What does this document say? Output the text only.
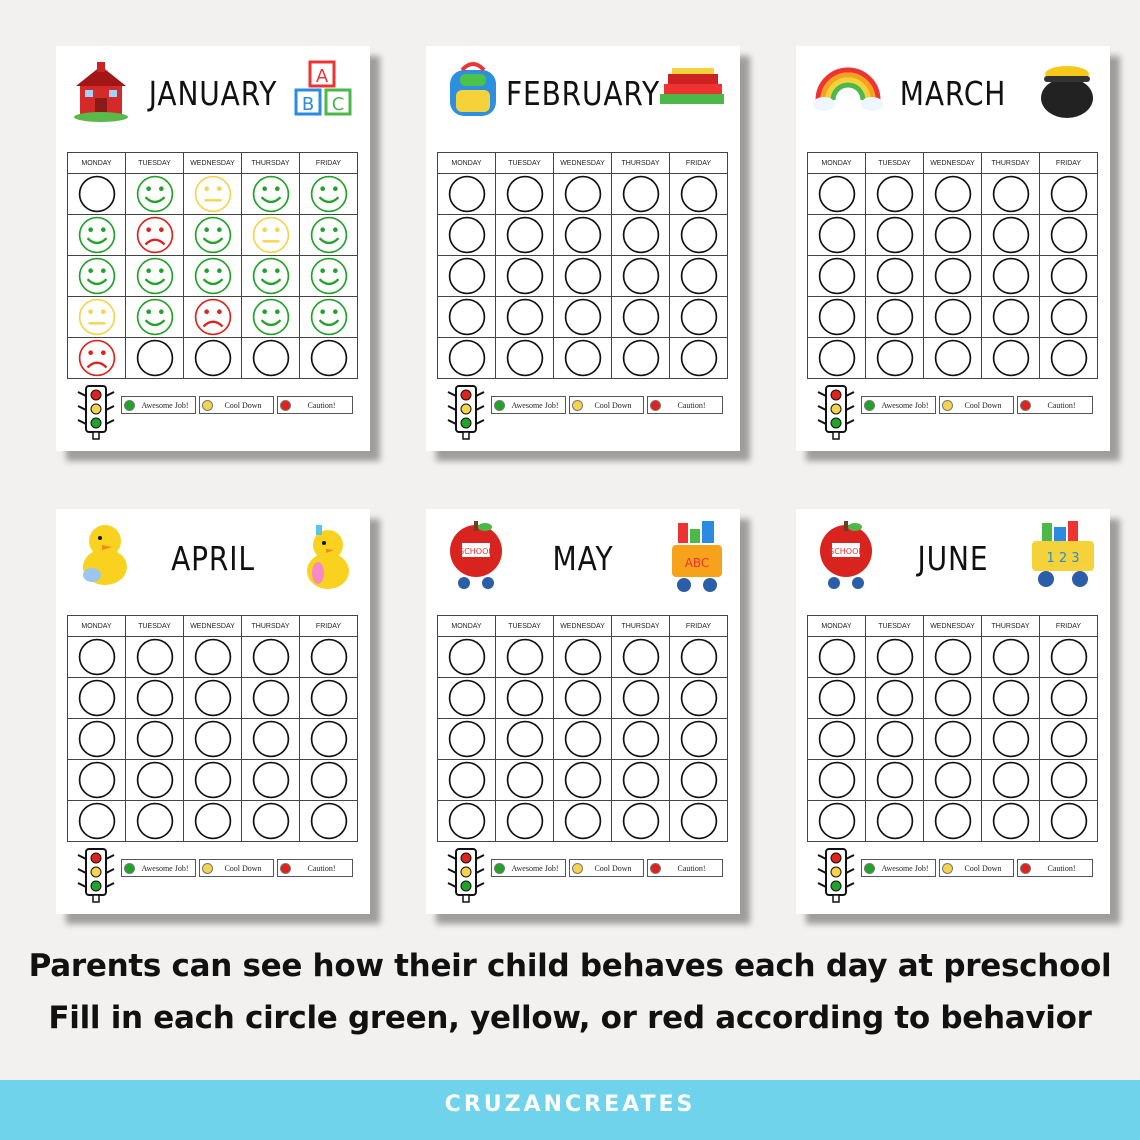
A
B C
JANUARY
MONDAY	TUESDAY	WEDNESDAY	THURSDAY	FRIDAY

Awesome Job!	Cool Down	Caution!
FEBRUARY
MONDAY	TUESDAY	WEDNESDAY	THURSDAY	FRIDAY

Awesome Job!	Cool Down	Caution!
MARCH
MONDAY	TUESDAY	WEDNESDAY	THURSDAY	FRIDAY

Awesome Job!	Cool Down	Caution!
APRIL
MONDAY	TUESDAY	WEDNESDAY	THURSDAY	FRIDAY

Awesome Job!	Cool Down	Caution!
SCHOOL
ABC
MAY
MONDAY	TUESDAY	WEDNESDAY	THURSDAY	FRIDAY

Awesome Job!	Cool Down	Caution!
SCHOOL	1 2 3
JUNE
MONDAY	TUESDAY	WEDNESDAY	THURSDAY	FRIDAY

Awesome Job!	Cool Down	Caution!
Parents can see how their child behaves each day at preschool
Fill in each circle green, yellow, or red according to behavior
CRUZANCREATES
